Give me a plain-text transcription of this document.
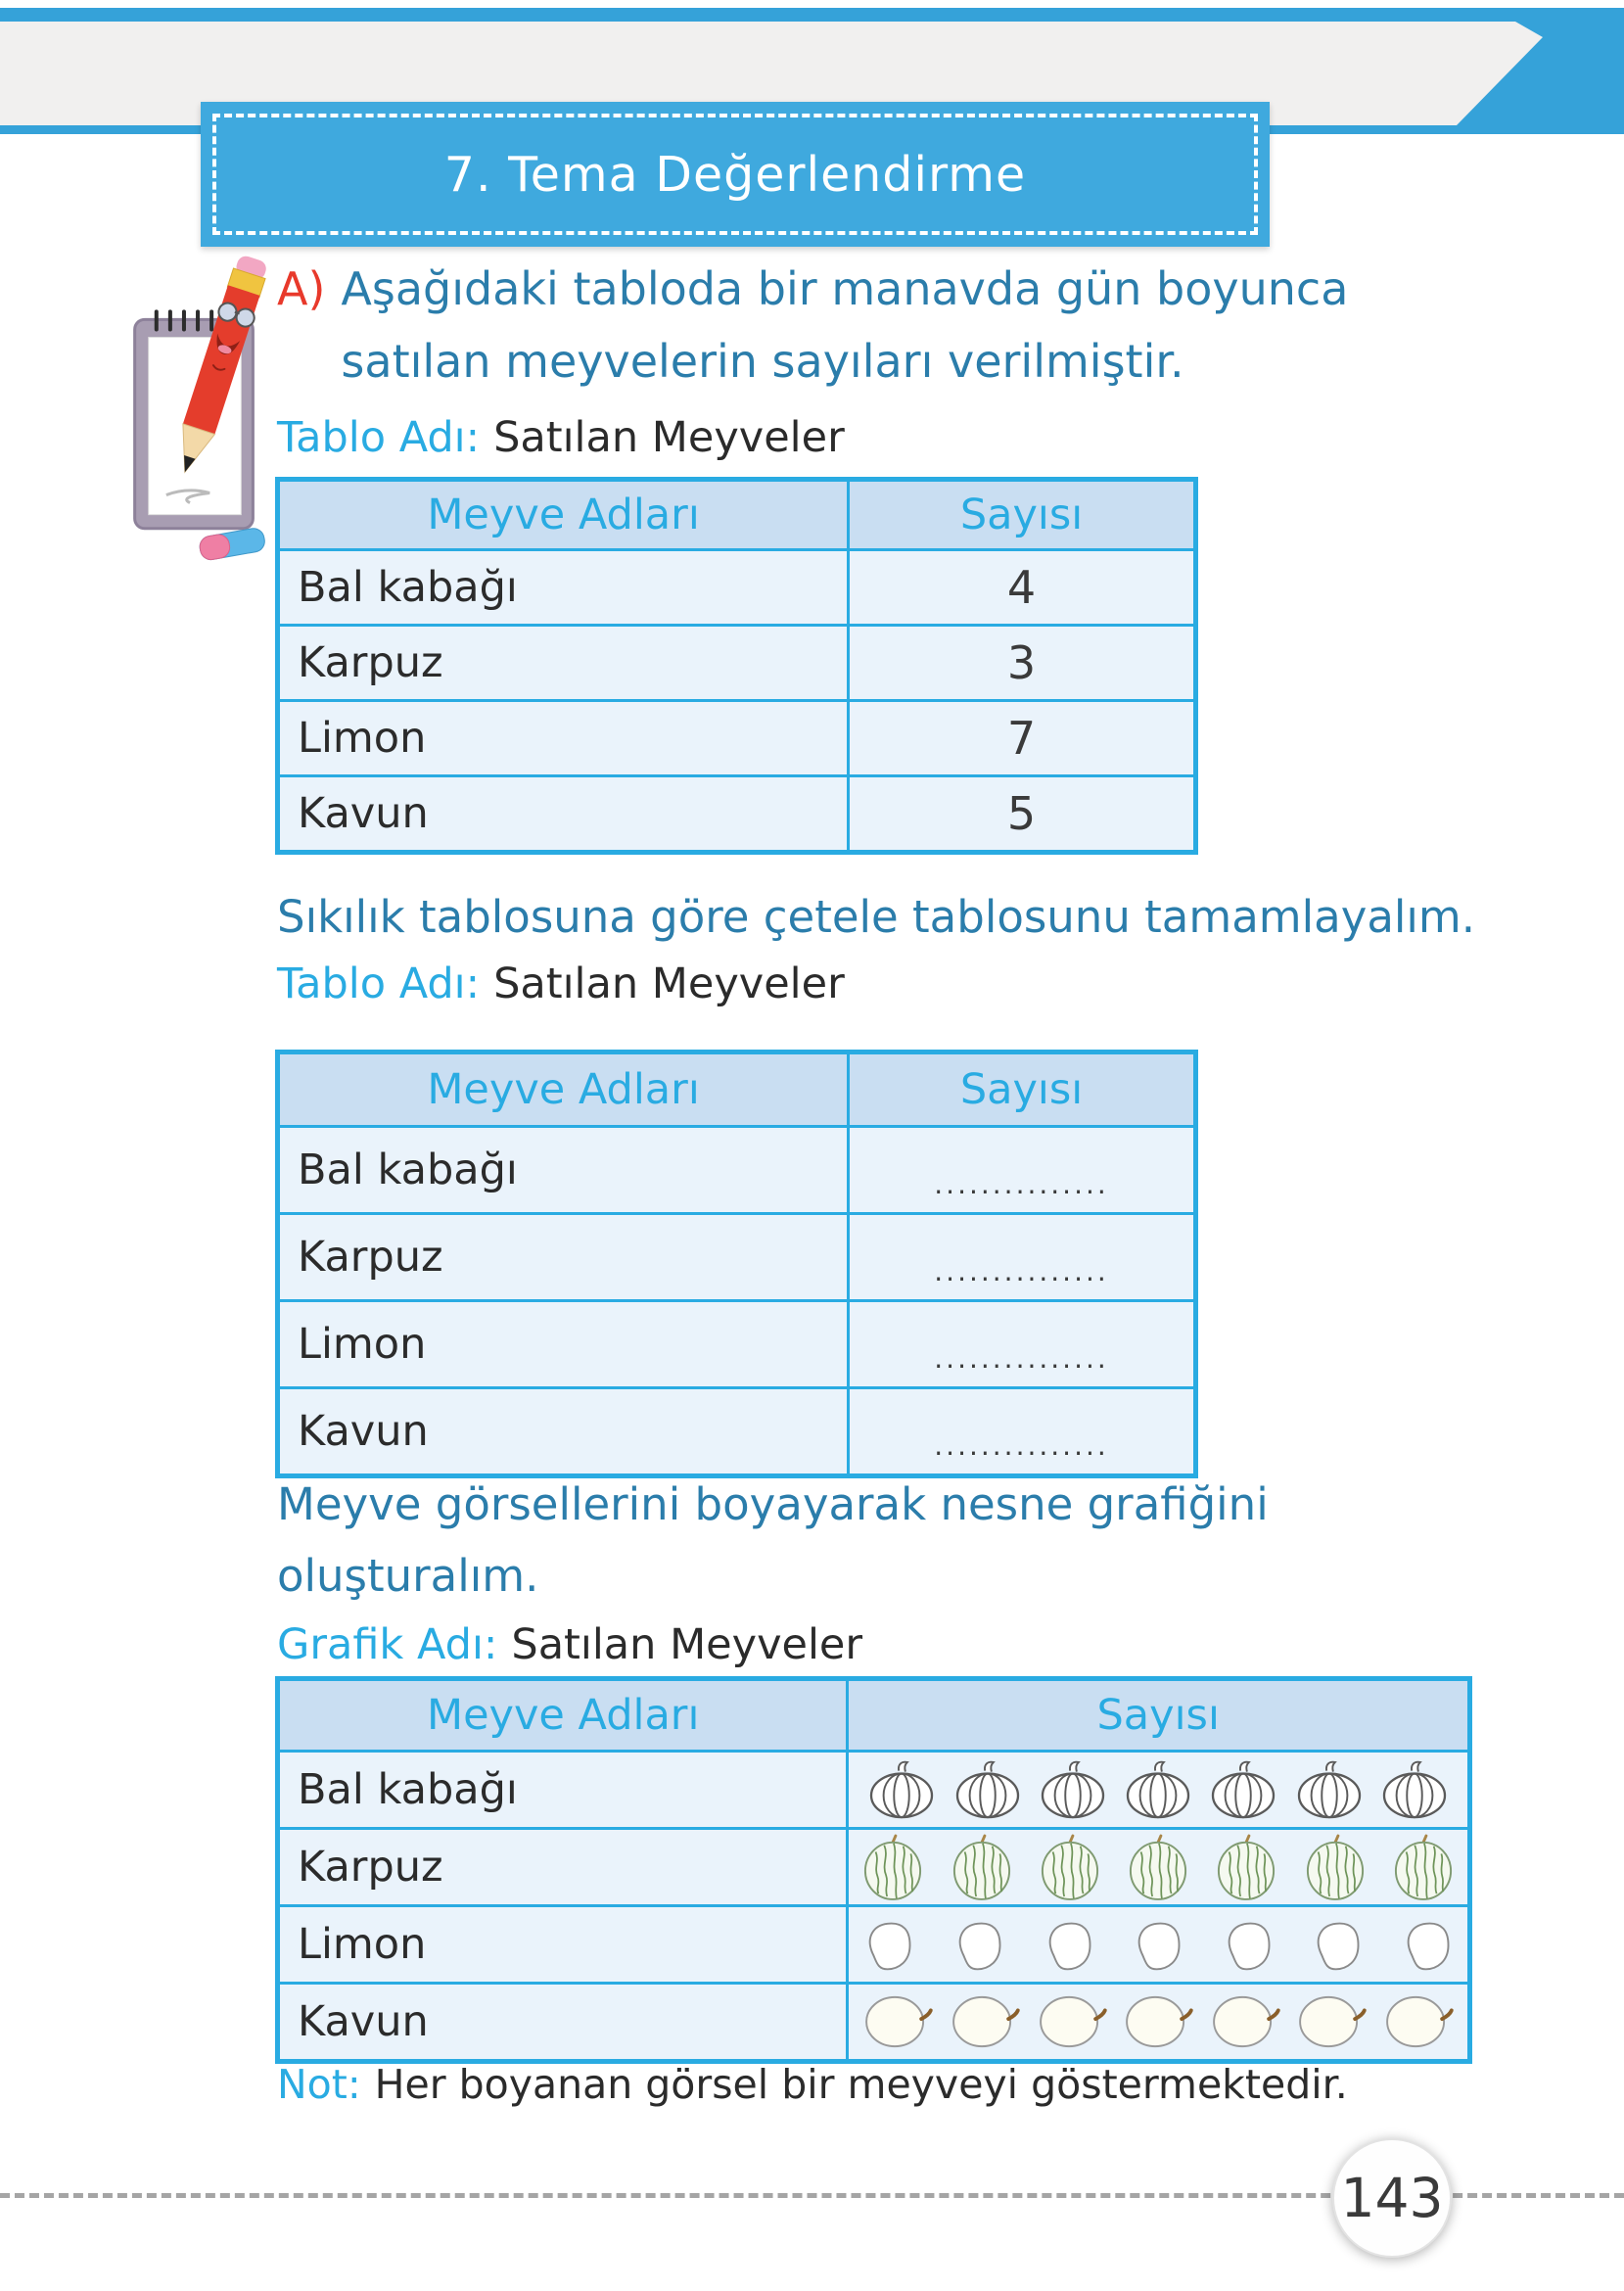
7. Tema Değerlendirme
A) Aşağıdaki tabloda bir manavda gün boyunca
satılan meyvelerin sayıları verilmiştir.
Tablo Adı: Satılan Meyveler
Meyve Adları	Sayısı
Bal kabağı	4
Karpuz	3
Limon	7
Kavun	5
Sıkılık tablosuna göre çetele tablosunu tamamlayalım.
Tablo Adı: Satılan Meyveler
Meyve Adları	Sayısı
Bal kabağı	...............
Karpuz	...............
Limon	...............
Kavun	...............
Meyve görsellerini boyayarak nesne grafiğini
oluşturalım.
Grafik Adı: Satılan Meyveler
Meyve Adları	Sayısı
Bal kabağı	

Karpuz	

Limon	

Kavun	
Not: Her boyanan görsel bir meyveyi göstermektedir.
143
